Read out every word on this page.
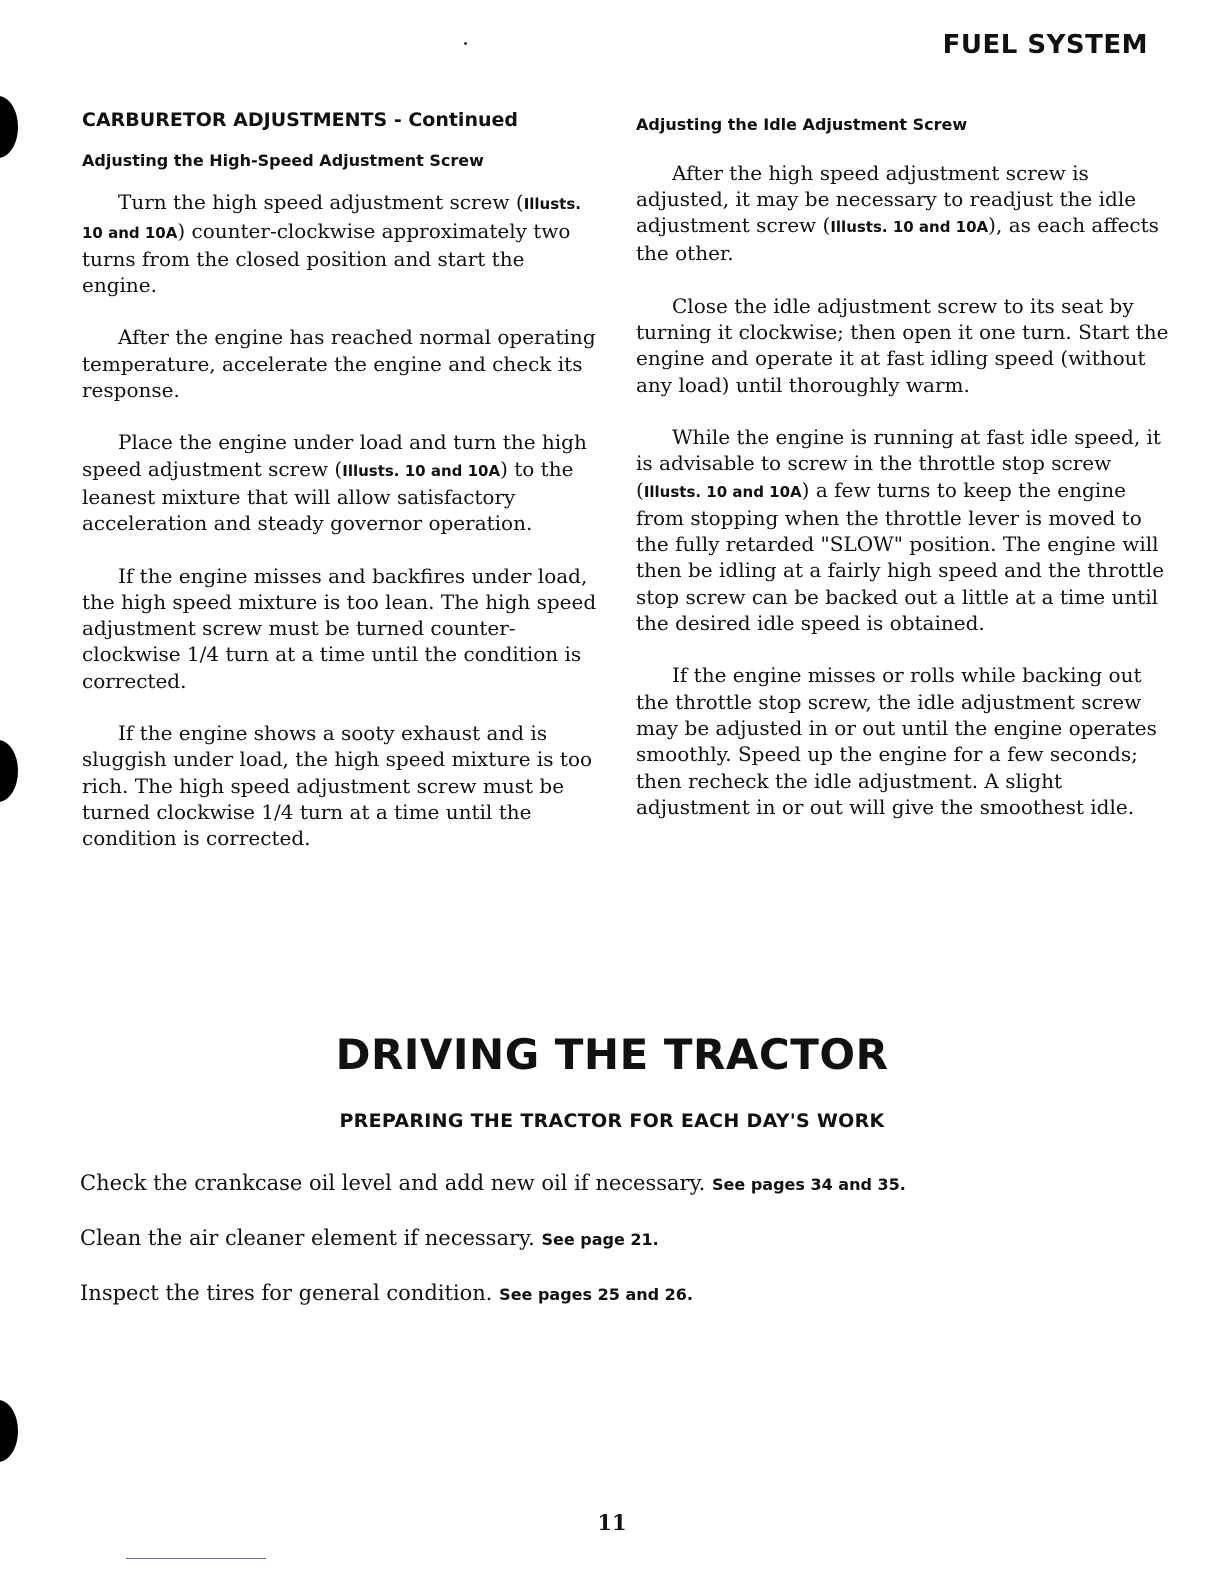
FUEL SYSTEM
CARBURETOR ADJUSTMENTS - Continued
Adjusting the High-Speed Adjustment Screw

Turn the high speed adjustment screw (Illusts. 10 and 10A) counter-clockwise approximately two turns from the closed position and start the engine.

After the engine has reached normal operating temperature, accelerate the engine and check its response.

Place the engine under load and turn the high speed adjustment screw (Illusts. 10 and 10A) to the leanest mixture that will allow satisfactory acceleration and steady governor operation.

If the engine misses and backfires under load, the high speed mixture is too lean. The high speed adjustment screw must be turned counter-clockwise 1/4 turn at a time until the condition is corrected.

If the engine shows a sooty exhaust and is sluggish under load, the high speed mixture is too rich. The high speed adjustment screw must be turned clockwise 1/4 turn at a time until the condition is corrected.

Adjusting the Idle Adjustment Screw

After the high speed adjustment screw is adjusted, it may be necessary to readjust the idle adjustment screw (Illusts. 10 and 10A), as each affects the other.

Close the idle adjustment screw to its seat by turning it clockwise; then open it one turn. Start the engine and operate it at fast idling speed (without any load) until thoroughly warm.

While the engine is running at fast idle speed, it is advisable to screw in the throttle stop screw (Illusts. 10 and 10A) a few turns to keep the engine from stopping when the throttle lever is moved to the fully retarded "SLOW" position. The engine will then be idling at a fairly high speed and the throttle stop screw can be backed out a little at a time until the desired idle speed is obtained.

If the engine misses or rolls while backing out the throttle stop screw, the idle adjustment screw may be adjusted in or out until the engine operates smoothly. Speed up the engine for a few seconds; then recheck the idle adjustment. A slight adjustment in or out will give the smoothest idle.

DRIVING THE TRACTOR
PREPARING THE TRACTOR FOR EACH DAY'S WORK
Check the crankcase oil level and add new oil if necessary. See pages 34 and 35.
Clean the air cleaner element if necessary. See page 21.
Inspect the tires for general condition. See pages 25 and 26.
11
